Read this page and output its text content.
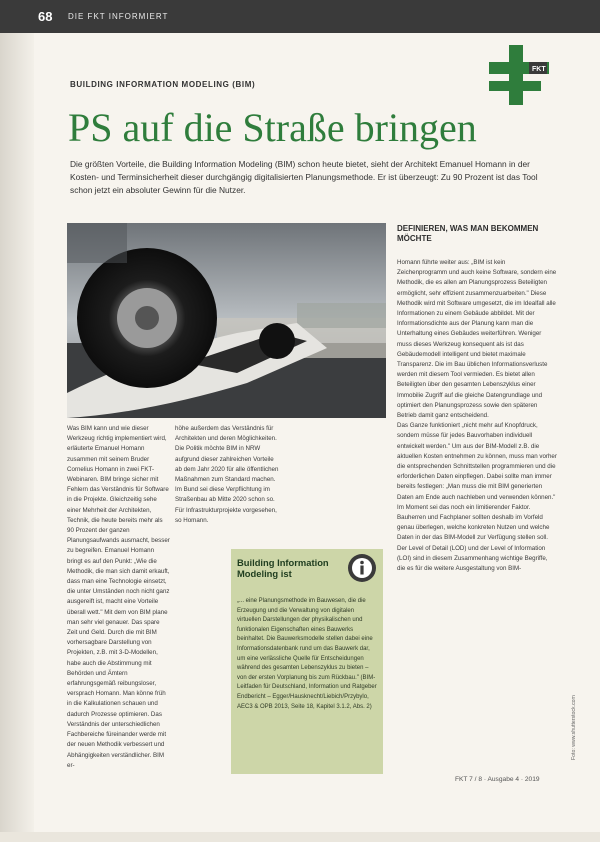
68 DIE FKT INFORMIERT
FKT
BUILDING INFORMATION MODELING (BIM)
PS auf die Straße bringen
Die größten Vorteile, die Building Information Modeling (BIM) schon heute bietet, sieht der Architekt Emanuel Homann in der Kosten- und Terminsicherheit dieser durchgängig digitalisierten Planungsmethode. Er ist überzeugt: Zu 90 Prozent ist das Tool schon jetzt ein absoluter Gewinn für die Nutzer.
DEFINIEREN, WAS MAN BEKOMMEN MÖCHTE
Was BIM kann und wie dieser Werkzeug richtig implementiert wird, erläuterte Emanuel Homann zusammen mit seinem Bruder Cornelius Homann in zwei FKT-Webinaren. BIM bringe sicher mit Fehlern das Verständnis für Software in die Projekte. Gleichzeitig sehe einer Mehrheit der Architekten, Technik, die heute bereits mehr als 90 Prozent der ganzen Planungsaufwands ausmacht, besser zu begreifen. Emanuel Homann bringt es auf den Punkt: „Wie die Methodik, die man sich damit erkauft, dass man eine Technologie einsetzt, die unter Umständen noch nicht ganz ausgereift ist, macht eine Vorteile überall wett." Mit dem von BIM plane man sehr viel genauer. Das spare Zeit und Geld. Durch die mit BIM vorhersagbare Darstellung von Projekten, z.B. mit 3-D-Modellen, habe auch die Abstimmung mit Behörden und Ämtern erfahrungsgemäß reibungsloser, versprach Homann. Man könne früh in die Kalkulationen schauen und dadurch Prozesse optimieren. Das Verständnis der unterschiedlichen Fachbereiche füreinander werde mit der neuen Methodik verbessert und Abhängigkeiten verständlicher. BIM er-
höhe außerdem das Verständnis für Architekten und deren Möglichkeiten. Die Politik möchte BIM in NRW aufgrund dieser zahlreichen Vorteile ab dem Jahr 2020 für alle öffentlichen Maßnahmen zum Standard machen. Im Bund sei diese Verpflichtung im Straßenbau ab Mitte 2020 schon so. Für Infrastrukturprojekte vorgesehen, so Homann.
Homann führte weiter aus: „BIM ist kein Zeichenprogramm und auch keine Software, sondern eine Methodik, die es allen am Planungsprozess Beteiligten ermöglicht, sehr effizient zusammenzuarbeiten." Diese Methodik wird mit Software umgesetzt, die im Idealfall alle Informationen zu einem Gebäude abbildet. Mit der Informationsdichte aus der Planung kann man die Unterhaltung eines Gebäudes weiterführen. Weniger muss dieses Werkzeug konsequent als ist das Gebäudemodell intelligent und bietet maximale Transparenz. Die im Bau üblichen Informationsverluste werden mit diesem Tool vermieden. Es bietet allen Beteiligten über den gesamten Lebenszyklus einer Immobilie Zugriff auf die gleiche Datengrundlage und optimiert den Planungsprozess sowie den späteren Betrieb damit ganz entscheidend.
Das Ganze funktioniert „nicht mehr auf Knopfdruck, sondern müsse für jedes Bauvorhaben individuell entwickelt werden." Um aus der BIM-Modell z.B. die aktuellen Kosten entnehmen zu können, muss man vorher die entsprechenden Schnittstellen programmieren und die erforderlichen Daten einpflegen. Dabei sollte man immer bereits festlegen: „Man muss die mit BIM generierten Daten am Ende auch nachleben und verwenden können." Im Moment sei das noch ein limitierender Faktor. Bauherren und Fachplaner sollten deshalb im Vorfeld genau überlegen, welche konkreten Nutzen und welche Daten in der das BIM-Modell zur Verfügung stellen soll. Der Level of Detail (LOD) und der Level of Information (LOI) sind in diesem Zusammenhang wichtige Begriffe, die es für die weitere Ausgestaltung von BIM-
Building Information Modeling ist
„... eine Planungsmethode im Bauwesen, die die Erzeugung und die Verwaltung von digitalen virtuellen Darstellungen der physikalischen und funktionalen Eigenschaften eines Bauwerks beinhaltet. Die Bauwerksmodelle stellen dabei eine Informationsdatenbank rund um das Bauwerk dar, um eine verlässliche Quelle für Entscheidungen während des gesamten Lebenszyklus zu bieten – von der ersten Vorplanung bis zum Rückbau." (BIM-Leitfaden für Deutschland, Information und Ratgeber Endbericht – Egger/Hausknecht/Liebich/Przybylo, AEC3 & OPB 2013, Seite 18, Kapitel 3.1.2, Abs. 2)	Foto: www.shutterstock.com
FKT 7 / 8 · Ausgabe 4 · 2019
